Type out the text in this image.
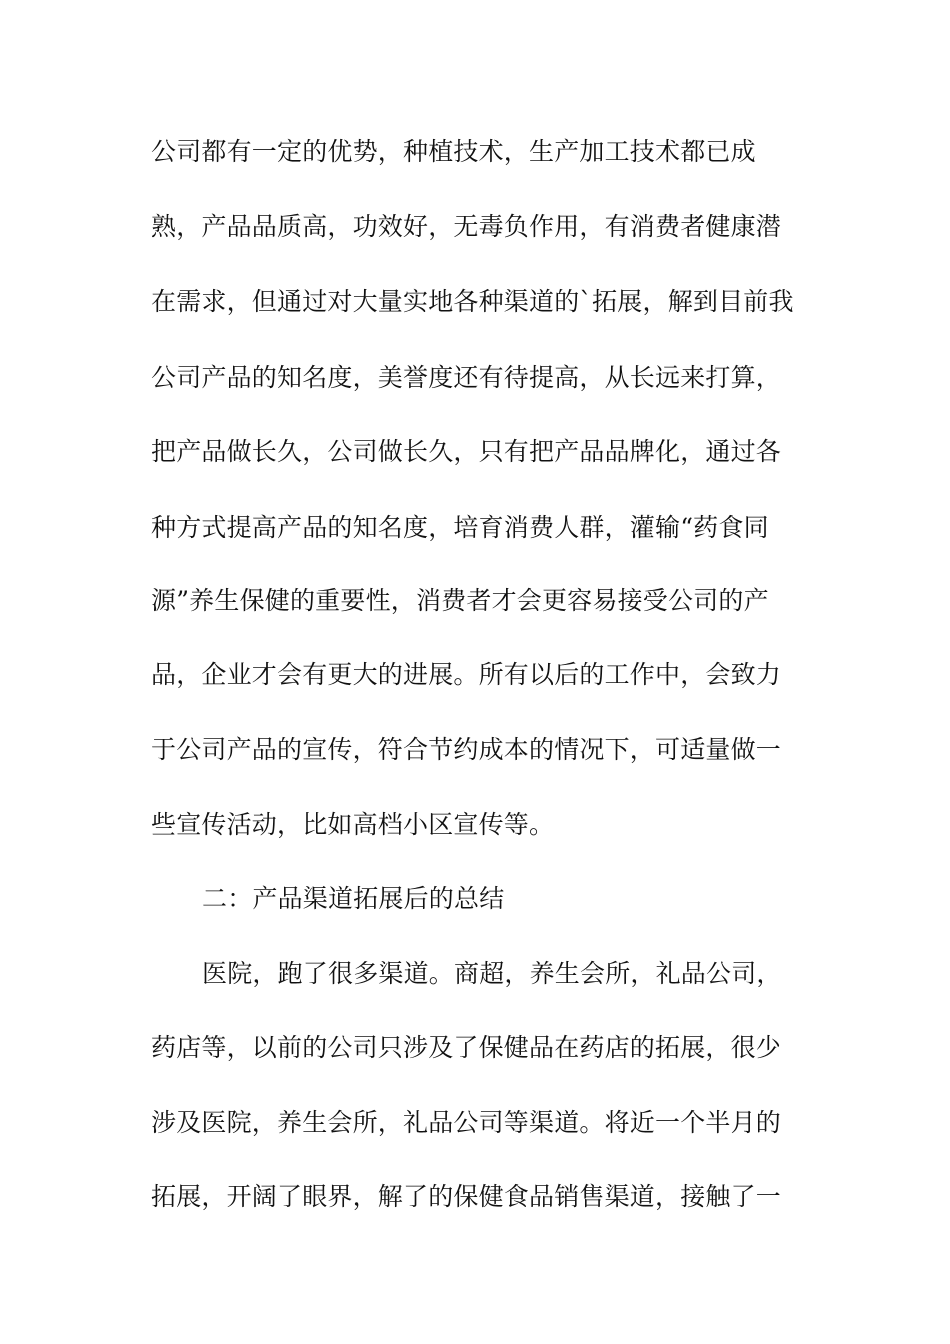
公司都有一定的优势，种植技术，生产加工技术都已成
熟，产品品质高，功效好，无毒负作用，有消费者健康潜
在需求，但通过对大量实地各种渠道的`拓展，解到目前我
公司产品的知名度，美誉度还有待提高，从长远来打算，
把产品做长久，公司做长久，只有把产品品牌化，通过各
种方式提高产品的知名度，培育消费人群，灌输“药食同
源”养生保健的重要性，消费者才会更容易接受公司的产
品，企业才会有更大的进展。所有以后的工作中，会致力
于公司产品的宣传，符合节约成本的情况下，可适量做一
些宣传活动，比如高档小区宣传等。
二：产品渠道拓展后的总结
医院，跑了很多渠道。商超，养生会所，礼品公司，
药店等，以前的公司只涉及了保健品在药店的拓展，很少
涉及医院，养生会所，礼品公司等渠道。将近一个半月的
拓展，开阔了眼界，解了的保健食品销售渠道，接触了一
